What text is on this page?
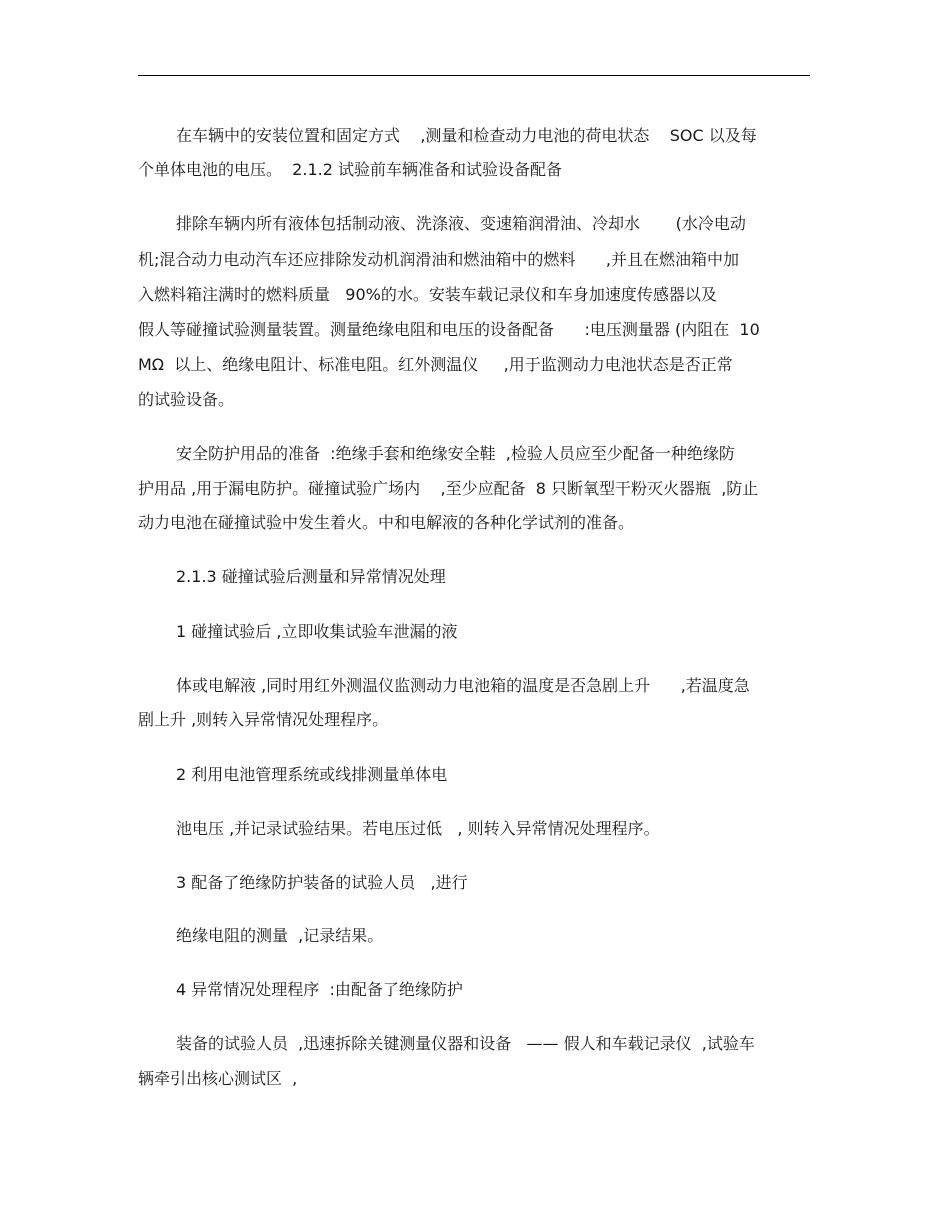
在车辆中的安装位置和固定方式    ,测量和检查动力电池的荷电状态    SOC 以及每
个单体电池的电压。  2.1.2 试验前车辆准备和试验设备配备
排除车辆内所有液体包括制动液、洗涤液、变速箱润滑油、冷却水       (水冷电动
机;混合动力电动汽车还应排除发动机润滑油和燃油箱中的燃料      ,并且在燃油箱中加
入燃料箱注满时的燃料质量   90%的水。安装车载记录仪和车身加速度传感器以及
假人等碰撞试验测量装置。测量绝缘电阻和电压的设备配备      :电压测量器 (内阻在  10
MΩ  以上、绝缘电阻计、标准电阻。红外测温仪     ,用于监测动力电池状态是否正常
的试验设备。
安全防护用品的准备  :绝缘手套和绝缘安全鞋  ,检验人员应至少配备一种绝缘防
护用品 ,用于漏电防护。碰撞试验广场内    ,至少应配备  8 只断氧型干粉灭火器瓶  ,防止
动力电池在碰撞试验中发生着火。中和电解液的各种化学试剂的准备。
2.1.3 碰撞试验后测量和异常情况处理
1 碰撞试验后 ,立即收集试验车泄漏的液
体或电解液 ,同时用红外测温仪监测动力电池箱的温度是否急剧上升      ,若温度急
剧上升 ,则转入异常情况处理程序。
2 利用电池管理系统或线排测量单体电
池电压 ,并记录试验结果。若电压过低   , 则转入异常情况处理程序。
3 配备了绝缘防护装备的试验人员   ,进行
绝缘电阻的测量  ,记录结果。
4 异常情况处理程序  :由配备了绝缘防护
装备的试验人员  ,迅速拆除关键测量仪器和设备   —— 假人和车载记录仪  ,试验车
辆牵引出核心测试区  ,
